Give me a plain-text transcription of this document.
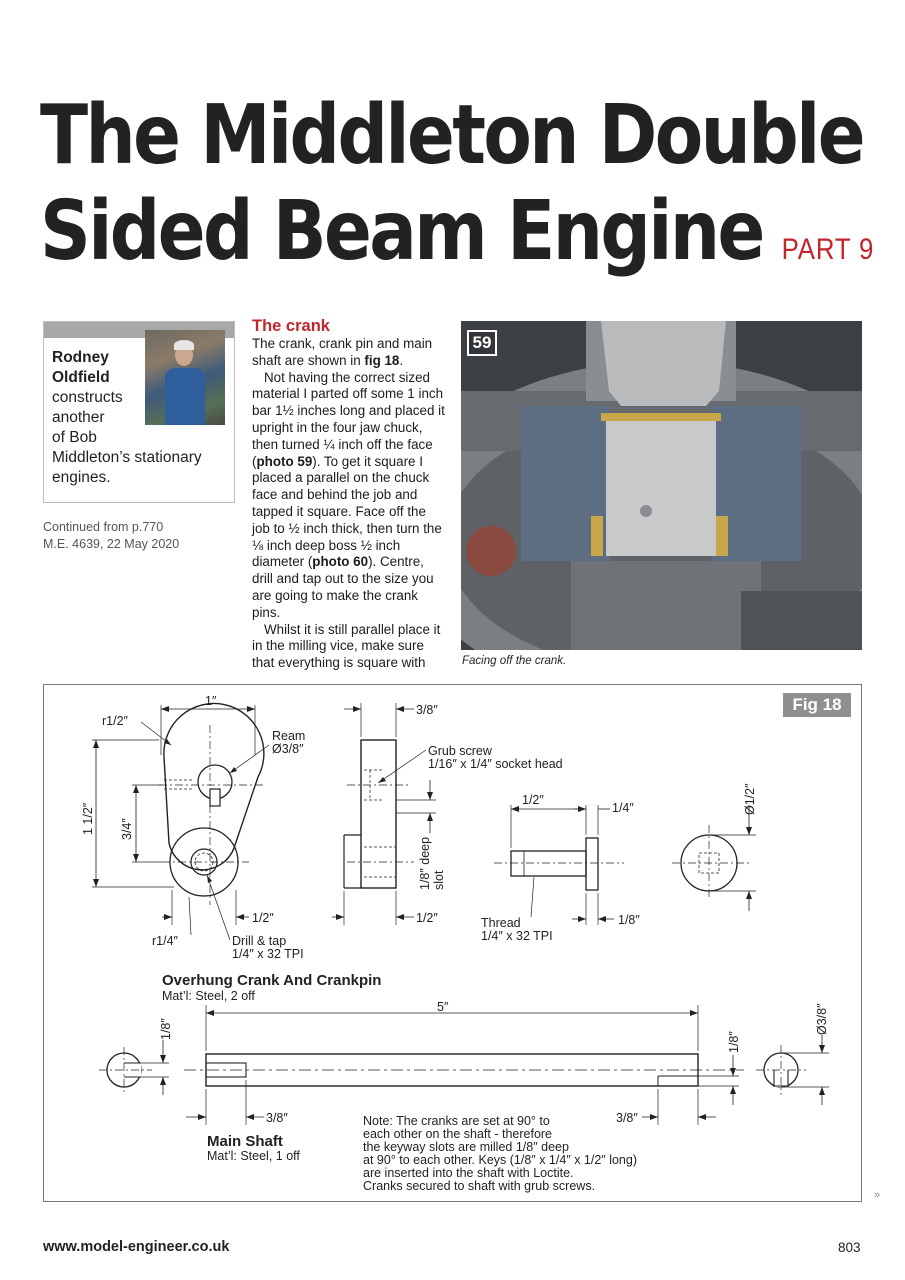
The Middleton Double
Sided Beam Engine PART 9
Rodney
Oldfield
constructs
another
of Bob
Middleton’s stationary
engines.
Continued from p.770
M.E. 4639, 22 May 2020
The crank

The crank, crank pin and main shaft are shown in fig 18.

Not having the correct sized material I parted off some 1 inch bar 1½ inches long and placed it upright in the four jaw chuck, then turned ¼ inch off the face (photo 59). To get it square I placed a parallel on the chuck face and behind the job and tapped it square. Face off the job to ½ inch thick, then turn the ⅛ inch deep boss ½ inch diameter (photo 60). Centre, drill and tap out to the size you are going to make the crank pins.

Whilst it is still parallel place it in the milling vice, make sure that everything is square with

59
Facing off the crank.
1″
r1/2″
Ream
Ø3/8″
1 1/2″ 3/4″
1/2″
r1/4″	Drill & tap
1/4″ x 32 TPI
3/8″
Grub screw
1/16″ x 1/4″ socket head
1/8″ deep slot
1/2″
1/2″
1/4″
Thread
1/4″ x 32 TPI
1/8″
Ø1/2″
Overhung Crank And Crankpin
Mat’l: Steel, 2 off
5″
1/8″
1/8″
Ø3/8″
3/8″	3/8″
Main Shaft
Mat’l: Steel, 1 off
Note: The cranks are set at 90° to
each other on the shaft - therefore
the keyway slots are milled 1/8″ deep
at 90° to each other. Keys (1/8″ x 1/4″ x 1/2″ long)
are inserted into the shaft with Loctite.
Cranks secured to shaft with grub screws.
Fig 18
www.model-engineer.co.uk	803
»
